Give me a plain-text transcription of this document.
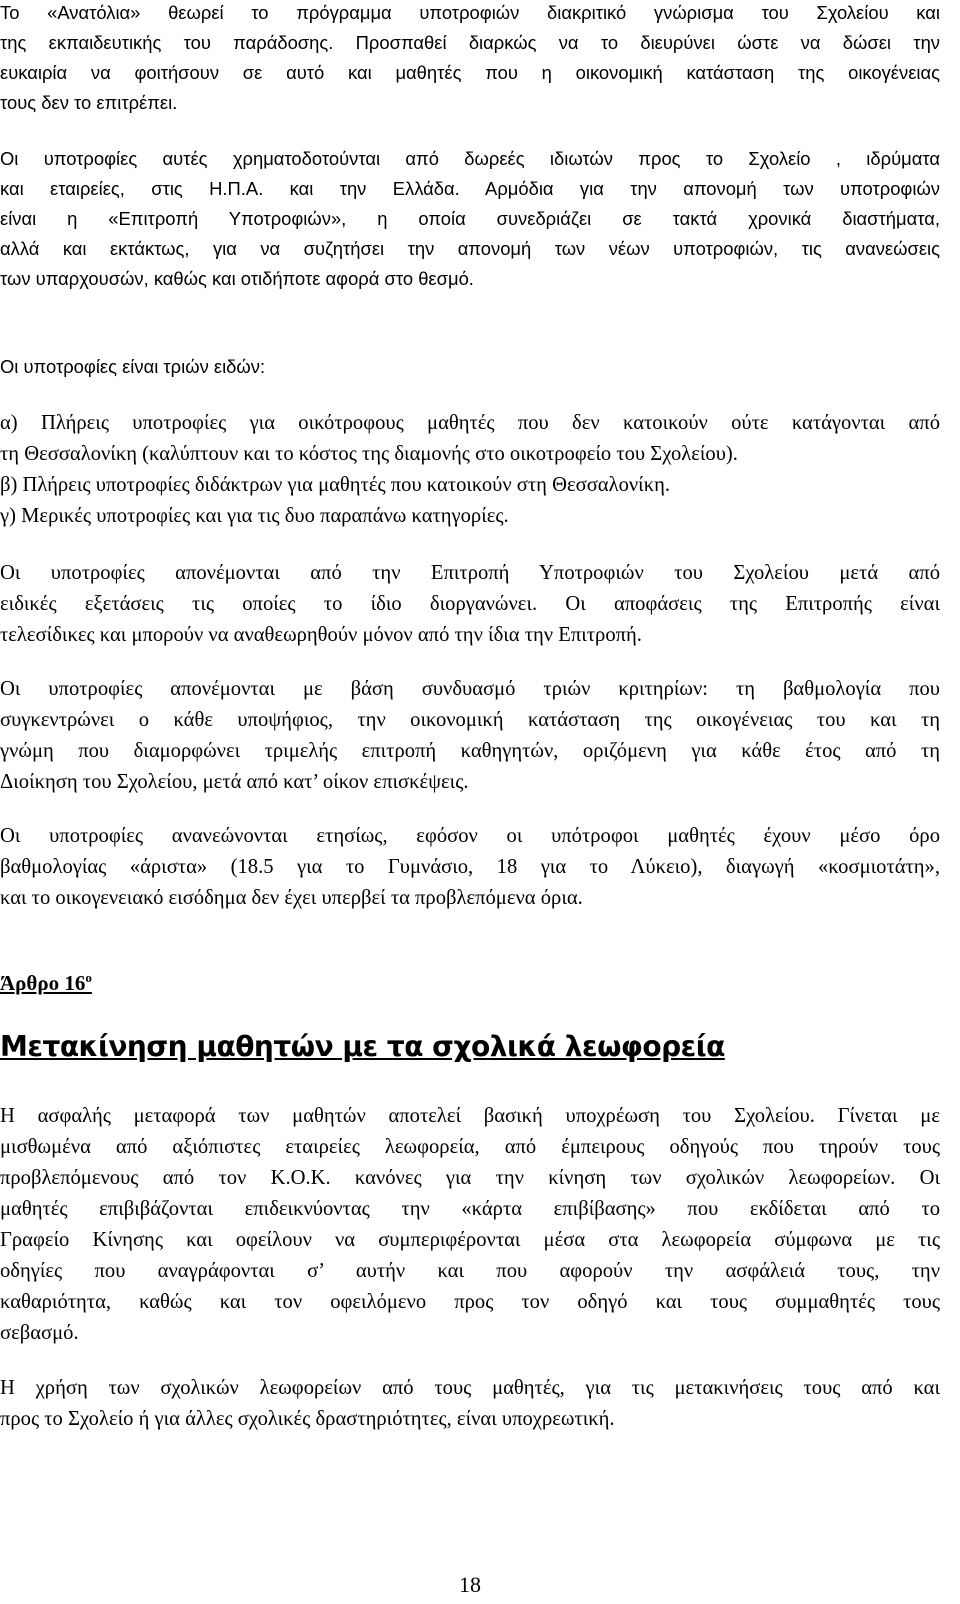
Το «Ανατόλια» θεωρεί το πρόγραμμα υποτροφιών διακριτικό γνώρισμα του Σχολείου και
της εκπαιδευτικής του παράδοσης. Προσπαθεί διαρκώς να το διευρύνει ώστε να δώσει την
ευκαιρία να φοιτήσουν σε αυτό και μαθητές που η οικονομική κατάσταση της οικογένειας
τους δεν το επιτρέπει.
Οι υποτροφίες αυτές χρηματοδοτούνται από δωρεές ιδιωτών προς το Σχολείο , ιδρύματα
και εταιρείες, στις Η.Π.Α. και την Ελλάδα. Αρμόδια για την απονομή των υποτροφιών
είναι η «Επιτροπή Υποτροφιών», η οποία συνεδριάζει σε τακτά χρονικά διαστήματα,
αλλά και εκτάκτως, για να συζητήσει την απονομή των νέων υποτροφιών, τις ανανεώσεις
των υπαρχουσών, καθώς και οτιδήποτε αφορά στο θεσμό.
Οι υποτροφίες είναι τριών ειδών:
α) Πλήρεις υποτροφίες για οικότροφους μαθητές που δεν κατοικούν ούτε κατάγονται από
τη Θεσσαλονίκη (καλύπτουν και το κόστος της διαμονής στο οικοτροφείο του Σχολείου).
β) Πλήρεις υποτροφίες διδάκτρων για μαθητές που κατοικούν στη Θεσσαλονίκη.
γ) Μερικές υποτροφίες και για τις δυο παραπάνω κατηγορίες.
Οι υποτροφίες απονέμονται από την Επιτροπή Υποτροφιών του Σχολείου μετά από
ειδικές εξετάσεις τις οποίες το ίδιο διοργανώνει. Οι αποφάσεις της Επιτροπής είναι
τελεσίδικες και μπορούν να αναθεωρηθούν μόνον από την ίδια την Επιτροπή.
Οι υποτροφίες απονέμονται με βάση συνδυασμό τριών κριτηρίων: τη βαθμολογία που
συγκεντρώνει ο κάθε υποψήφιος, την οικονομική κατάσταση της οικογένειας του και τη
γνώμη που διαμορφώνει τριμελής επιτροπή καθηγητών, οριζόμενη για κάθε έτος από τη
Διοίκηση του Σχολείου, μετά από κατ’ οίκον επισκέψεις.
Οι υποτροφίες ανανεώνονται ετησίως, εφόσον οι υπότροφοι μαθητές έχουν μέσο όρο
βαθμολογίας «άριστα» (18.5 για το Γυμνάσιο, 18 για το Λύκειο), διαγωγή «κοσμιοτάτη»,
και το οικογενειακό εισόδημα δεν έχει υπερβεί τα προβλεπόμενα όρια.
Άρθρο $16^o$
Μετακίνηση μαθητών με τα σχολικά λεωφορεία
Η ασφαλής μεταφορά των μαθητών αποτελεί βασική υποχρέωση του Σχολείου. Γίνεται με
μισθωμένα από αξιόπιστες εταιρείες λεωφορεία, από έμπειρους οδηγούς που τηρούν τους
προβλεπόμενους από τον Κ.Ο.Κ. κανόνες για την κίνηση των σχολικών λεωφορείων. Οι
μαθητές επιβιβάζονται επιδεικνύοντας την «κάρτα επιβίβασης» που εκδίδεται από το
Γραφείο Κίνησης και οφείλουν να συμπεριφέρονται μέσα στα λεωφορεία σύμφωνα με τις
οδηγίες που αναγράφονται σ’ αυτήν και που αφορούν την ασφάλειά τους, την
καθαριότητα, καθώς και τον οφειλόμενο προς τον οδηγό και τους συμμαθητές τους
σεβασμό.
Η χρήση των σχολικών λεωφορείων από τους μαθητές, για τις μετακινήσεις τους από και
προς το Σχολείο ή για άλλες σχολικές δραστηριότητες, είναι υποχρεωτική.
18
